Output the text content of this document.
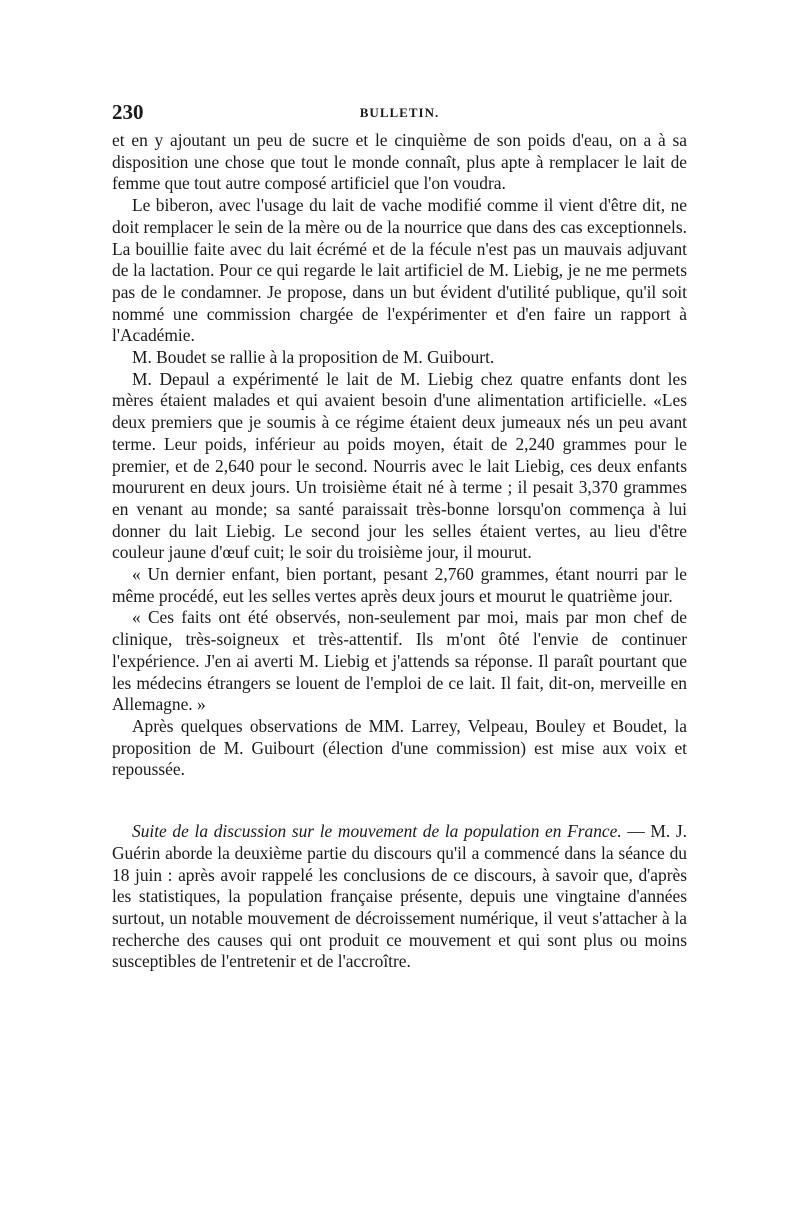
230	BULLETIN.

et en y ajoutant un peu de sucre et le cinquième de son poids d'eau, on a à sa disposition une chose que tout le monde connaît, plus apte à remplacer le lait de femme que tout autre composé artificiel que l'on voudra.

Le biberon, avec l'usage du lait de vache modifié comme il vient d'être dit, ne doit remplacer le sein de la mère ou de la nourrice que dans des cas exceptionnels. La bouillie faite avec du lait écrémé et de la fécule n'est pas un mauvais adjuvant de la lactation. Pour ce qui regarde le lait artificiel de M. Liebig, je ne me permets pas de le condamner. Je propose, dans un but évident d'utilité publique, qu'il soit nommé une commission chargée de l'expérimenter et d'en faire un rapport à l'Académie.

M. Boudet se rallie à la proposition de M. Guibourt.

M. Depaul a expérimenté le lait de M. Liebig chez quatre enfants dont les mères étaient malades et qui avaient besoin d'une alimentation artificielle. «Les deux premiers que je soumis à ce régime étaient deux jumeaux nés un peu avant terme. Leur poids, inférieur au poids moyen, était de 2,240 grammes pour le premier, et de 2,640 pour le second. Nourris avec le lait Liebig, ces deux enfants moururent en deux jours. Un troisième était né à terme ; il pesait 3,370 grammes en venant au monde; sa santé paraissait très-bonne lorsqu'on commença à lui donner du lait Liebig. Le second jour les selles étaient vertes, au lieu d'être couleur jaune d'œuf cuit; le soir du troisième jour, il mourut.

« Un dernier enfant, bien portant, pesant 2,760 grammes, étant nourri par le même procédé, eut les selles vertes après deux jours et mourut le quatrième jour.

« Ces faits ont été observés, non-seulement par moi, mais par mon chef de clinique, très-soigneux et très-attentif. Ils m'ont ôté l'envie de continuer l'expérience. J'en ai averti M. Liebig et j'attends sa réponse. Il paraît pourtant que les médecins étrangers se louent de l'emploi de ce lait. Il fait, dit-on, merveille en Allemagne. »

Après quelques observations de MM. Larrey, Velpeau, Bouley et Boudet, la proposition de M. Guibourt (élection d'une commission) est mise aux voix et repoussée.

Suite de la discussion sur le mouvement de la population en France. — M. J. Guérin aborde la deuxième partie du discours qu'il a commencé dans la séance du 18 juin : après avoir rappelé les conclusions de ce discours, à savoir que, d'après les statistiques, la population française présente, depuis une vingtaine d'années surtout, un notable mouvement de décroissement numérique, il veut s'attacher à la recherche des causes qui ont produit ce mouvement et qui sont plus ou moins susceptibles de l'entretenir et de l'accroître.
